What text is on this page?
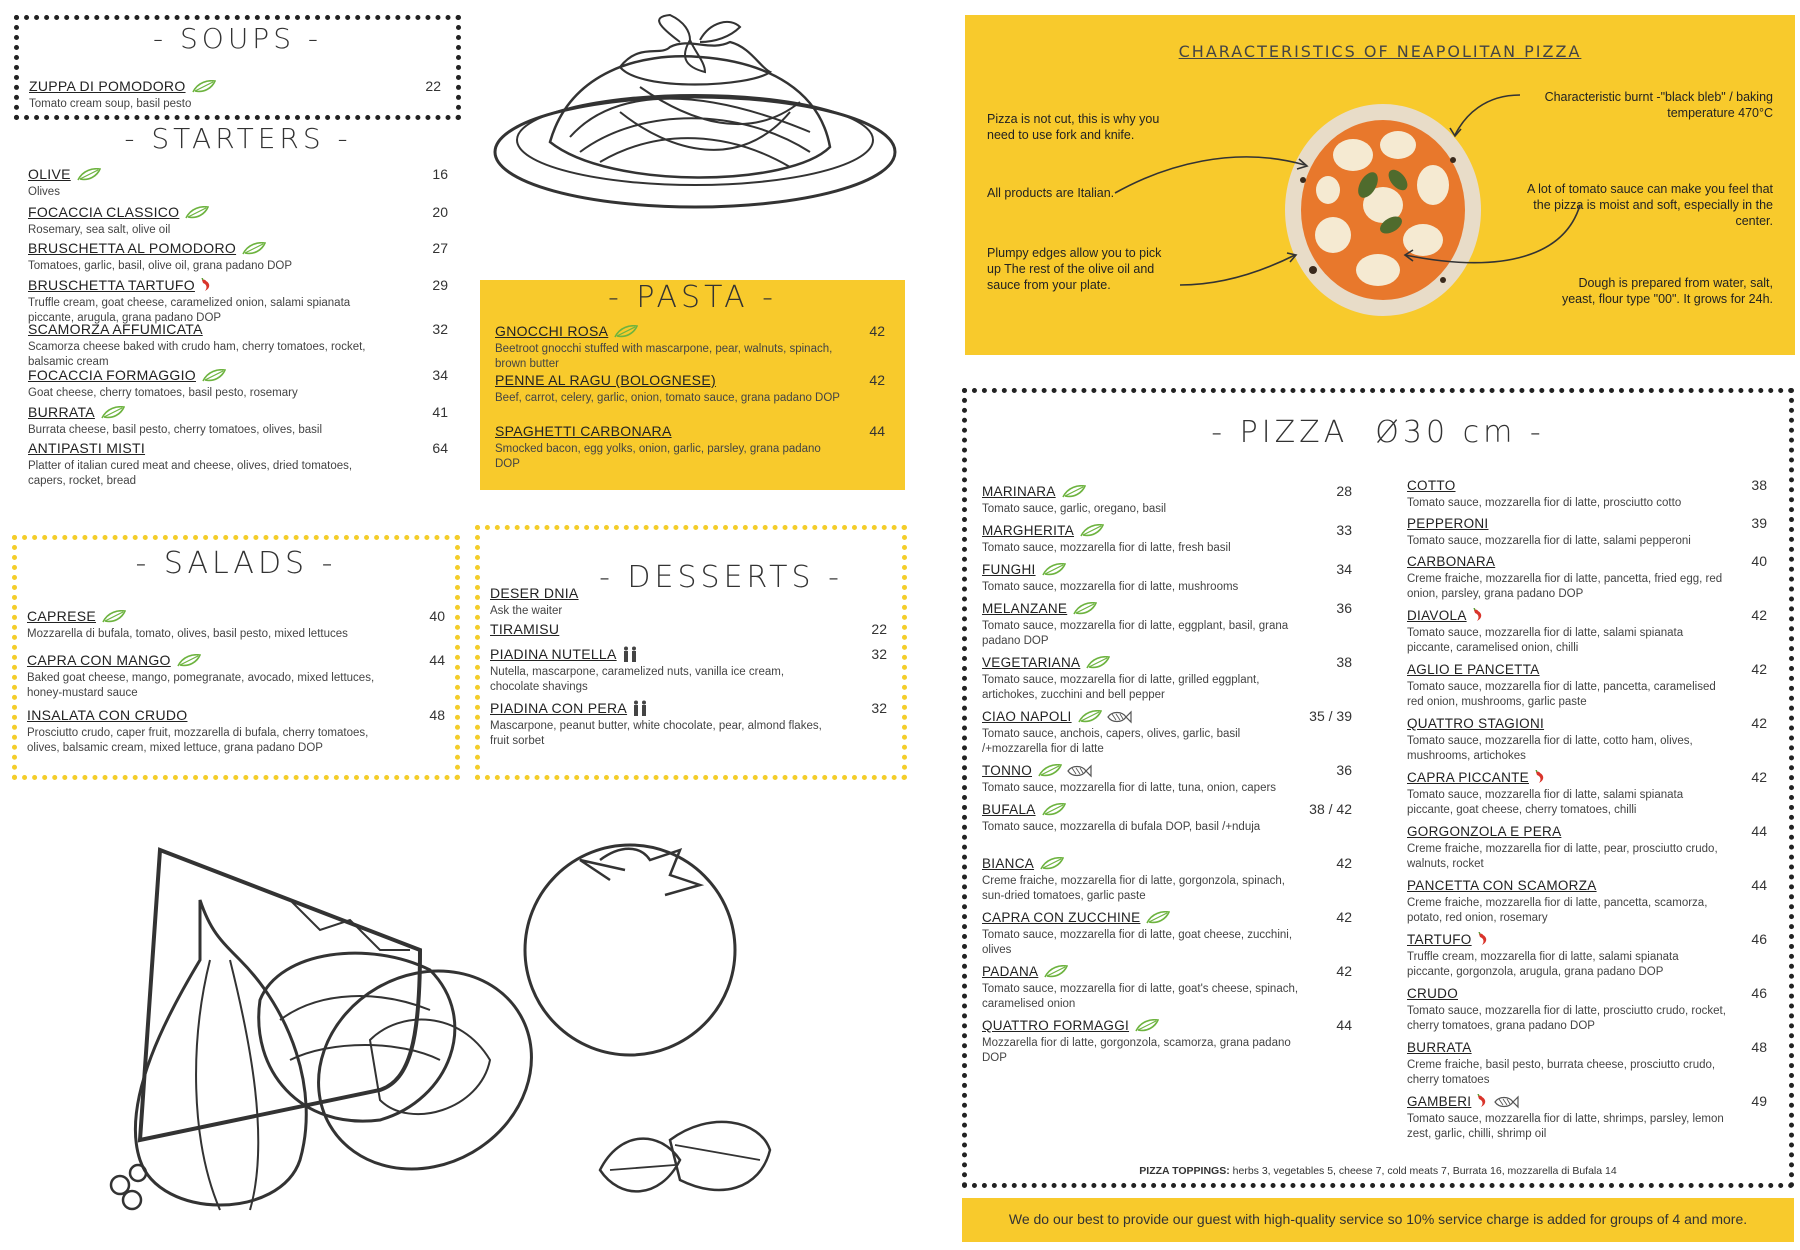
- SOUPS -
ZUPPA DI POMODORO
Tomato cream soup, basil pesto
22
- STARTERS -
OLIVE
Olives
16
FOCACCIA CLASSICO
Rosemary, sea salt, olive oil
20
BRUSCHETTA AL POMODORO
Tomatoes, garlic, basil, olive oil, grana padano DOP
27
BRUSCHETTA TARTUFO
Truffle cream, goat cheese, caramelized onion, salami spianata piccante, arugula, grana padano DOP
29
SCAMORZA AFFUMICATA
Scamorza cheese baked with crudo ham, cherry tomatoes, rocket, balsamic cream
32
FOCACCIA FORMAGGIO
Goat cheese, cherry tomatoes, basil pesto, rosemary
34
BURRATA
Burrata cheese, basil pesto, cherry tomatoes, olives, basil
41
ANTIPASTI MISTI
Platter of italian cured meat and cheese, olives, dried tomatoes, capers, rocket, bread
64
- PASTA -
GNOCCHI ROSA
Beetroot gnocchi stuffed with mascarpone, pear, walnuts, spinach, brown butter
42
PENNE AL RAGU (BOLOGNESE)
Beef, carrot, celery, garlic, onion, tomato sauce, grana padano DOP
42
SPAGHETTI CARBONARA
Smocked bacon, egg yolks, onion, garlic, parsley, grana padano DOP
44
- SALADS -
CAPRESE
Mozzarella di bufala, tomato, olives, basil pesto, mixed lettuces
40
CAPRA CON MANGO
Baked goat cheese, mango, pomegranate, avocado, mixed lettuces, honey-mustard sauce
44
INSALATA CON CRUDO
Prosciutto crudo, caper fruit, mozzarella di bufala, cherry tomatoes, olives, balsamic cream, mixed lettuce, grana padano DOP
48
- DESSERTS -
DESER DNIA
Ask the waiter
TIRAMISU	22
PIADINA NUTELLA
Nutella, mascarpone, caramelized nuts, vanilla ice cream, chocolate shavings
32
PIADINA CON PERA
Mascarpone, peanut butter, white chocolate, pear, almond flakes, fruit sorbet
32
CHARACTERISTICS OF NEAPOLITAN PIZZA
Pizza is not cut, this is why you need to use fork and knife.
All products are Italian.
Plumpy edges allow you to pick up The rest of the olive oil and sauce from your plate.
Characteristic burnt -"black bleb" / baking temperature 470°C
A lot of tomato sauce can make you feel that the pizza is moist and soft, especially in the center.
Dough is prepared from water, salt, yeast, flour type "00". It grows for 24h.
- PIZZA  Ø30 cm -
MARINARA
Tomato sauce, garlic, oregano, basil
28
MARGHERITA
Tomato sauce, mozzarella fior di latte, fresh basil
33
FUNGHI
Tomato sauce, mozzarella fior di latte, mushrooms
34
MELANZANE
Tomato sauce, mozzarella fior di latte, eggplant, basil, grana padano DOP
36
VEGETARIANA
Tomato sauce, mozzarella fior di latte, grilled eggplant, artichokes, zucchini and bell pepper
38
CIAO NAPOLI
Tomato sauce, anchois, capers, olives, garlic, basil /+mozzarella fior di latte
35 / 39
TONNO
Tomato sauce, mozzarella fior di latte, tuna, onion, capers
36
BUFALA
Tomato sauce, mozzarella di bufala DOP, basil /+nduja
38 / 42
BIANCA
Creme fraiche, mozzarella fior di latte, gorgonzola, spinach, sun-dried tomatoes, garlic paste
42
CAPRA CON ZUCCHINE
Tomato sauce, mozzarella fior di latte, goat cheese, zucchini, olives
42
PADANA
Tomato sauce, mozzarella fior di latte, goat's cheese, spinach, caramelised onion
42
QUATTRO FORMAGGI
Mozzarella fior di latte, gorgonzola, scamorza, grana padano DOP
44
COTTO
Tomato sauce, mozzarella fior di latte, prosciutto cotto
38
PEPPERONI
Tomato sauce, mozzarella fior di latte, salami pepperoni
39
CARBONARA
Creme fraiche, mozzarella fior di latte, pancetta, fried egg, red onion, parsley, grana padano DOP
40
DIAVOLA
Tomato sauce, mozzarella fior di latte, salami spianata piccante, caramelised onion, chilli
42
AGLIO E PANCETTA
Tomato sauce, mozzarella fior di latte, pancetta, caramelised red onion, mushrooms, garlic paste
42
QUATTRO STAGIONI
Tomato sauce, mozzarella fior di latte, cotto ham, olives, mushrooms, artichokes
42
CAPRA PICCANTE
Tomato sauce, mozzarella fior di latte, salami spianata piccante, goat cheese, cherry tomatoes, chilli
42
GORGONZOLA E PERA
Creme fraiche, mozzarella fior di latte, pear, prosciutto crudo, walnuts, rocket
44
PANCETTA CON SCAMORZA
Creme fraiche, mozzarella fior di latte, pancetta, scamorza, potato, red onion, rosemary
44
TARTUFO
Truffle cream, mozzarella fior di latte, salami spianata piccante, gorgonzola, arugula, grana padano DOP
46
CRUDO
Tomato sauce, mozzarella fior di latte, prosciutto crudo, rocket, cherry tomatoes, grana padano DOP
46
BURRATA
Creme fraiche, basil pesto, burrata cheese, prosciutto crudo, cherry tomatoes
48
GAMBERI
Tomato sauce, mozzarella fior di latte, shrimps, parsley, lemon zest, garlic, chilli, shrimp oil
49
PIZZA TOPPINGS: herbs 3, vegetables 5, cheese 7, cold meats 7, Burrata 16, mozzarella di Bufala 14
We do our best to provide our guest with high-quality service so 10% service charge is added for groups of 4 and more.
